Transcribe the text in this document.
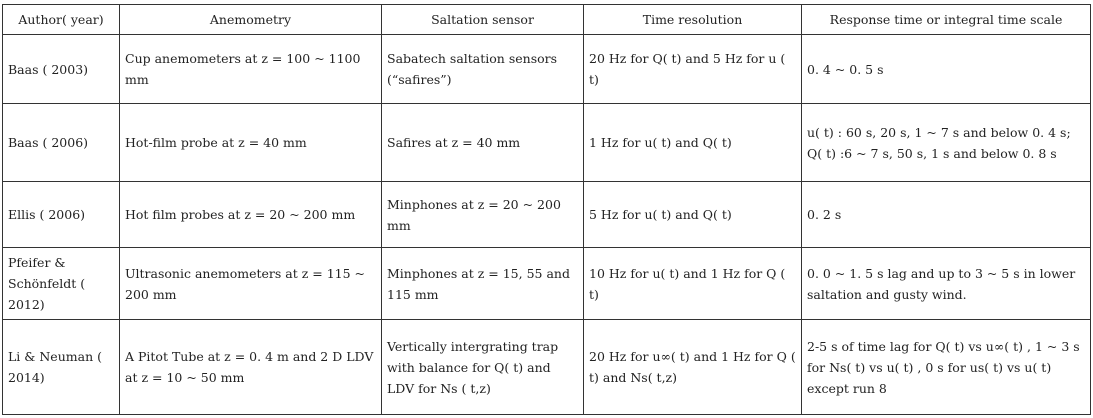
Author( year)	Anemometry	Saltation sensor	Time resolution	Response time or integral time scale
Baas ( 2003)	Cup anemometers at z = 100 ~ 1100 mm	Sabatech saltation sensors (“safires”)	20 Hz for Q( t) and 5 Hz for u ( t)	0. 4 ~ 0. 5 s
Baas ( 2006)	Hot-film probe at z = 40 mm	Safires at z = 40 mm	1 Hz for u( t) and Q( t)	u( t) : 60 s, 20 s, 1 ~ 7 s and below 0. 4 s; Q( t) :6 ~ 7 s, 50 s, 1 s and below 0. 8 s
Ellis ( 2006)	Hot film probes at z = 20 ~ 200 mm	Minphones at z = 20 ~ 200 mm	5 Hz for u( t) and Q( t)	0. 2 s
Pfeifer & Schönfeldt ( 2012)	Ultrasonic anemometers at z = 115 ~ 200 mm	Minphones at z = 15, 55 and 115 mm	10 Hz for u( t) and 1 Hz for Q ( t)	0. 0 ~ 1. 5 s lag and up to 3 ~ 5 s in lower saltation and gusty wind.
Li & Neuman ( 2014)	A Pitot Tube at z = 0. 4 m and 2 D LDV at z = 10 ~ 50 mm	Vertically intergrating trap with balance for Q( t) and LDV for Ns ( t,z)	20 Hz for u∞( t) and 1 Hz for Q ( t) and Ns( t,z)	2-5 s of time lag for Q( t) vs u∞( t) , 1 ~ 3 s for Ns( t) vs u( t) , 0 s for us( t) vs u( t) except run 8
